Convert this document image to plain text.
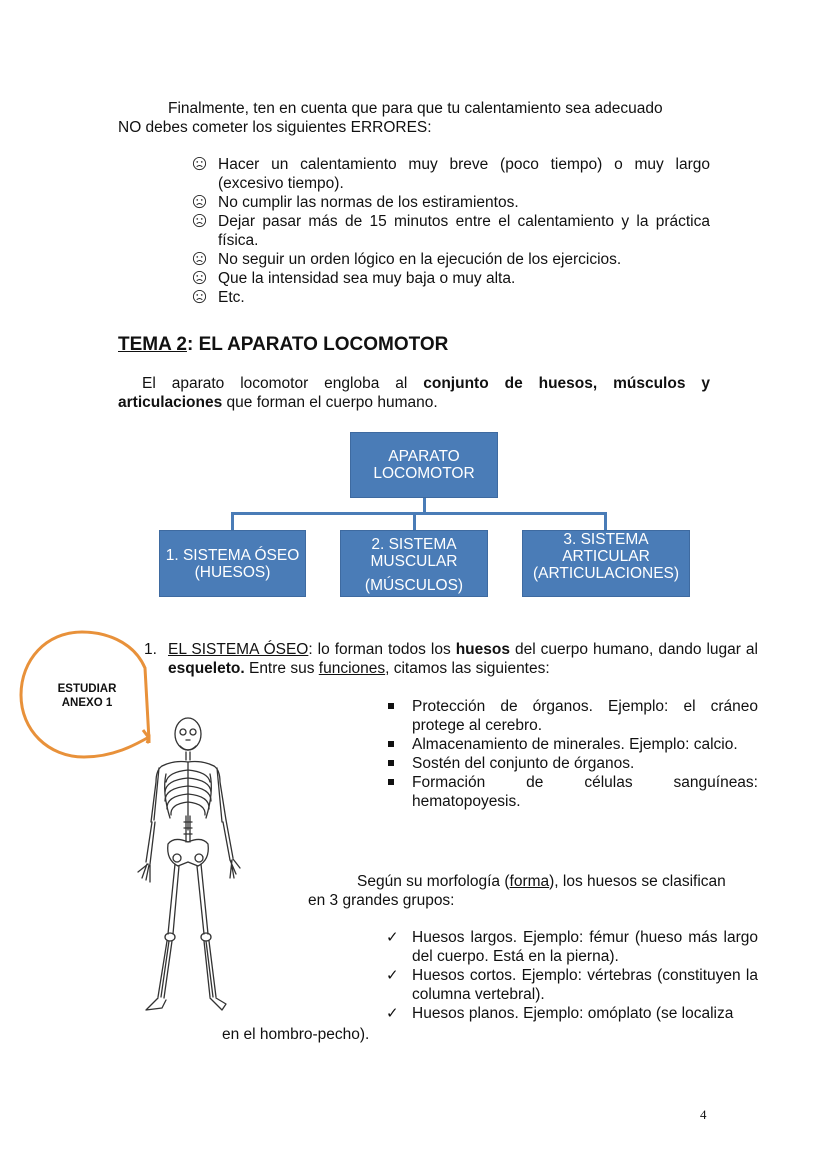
Finalmente, ten en cuenta que para que tu calentamiento sea adecuado

NO debes cometer los siguientes ERRORES:

Hacer un calentamiento muy breve (poco tiempo) o muy largo (excesivo tiempo).
No cumplir las normas de los estiramientos.
Dejar pasar más de 15 minutos entre el calentamiento y la práctica física.
No seguir un orden lógico en la ejecución de los ejercicios.
Que la intensidad sea muy baja o muy alta.
Etc.
TEMA 2: EL APARATO LOCOMOTOR

El aparato locomotor engloba al conjunto de huesos, músculos y articulaciones que forman el cuerpo humano.

APARATO LOCOMOTOR
1. SISTEMA ÓSEO (HUESOS)
2. SISTEMA MUSCULAR
(MÚSCULOS)
3. SISTEMA ARTICULAR (ARTICULACIONES)
ESTUDIAR
ANEXO 1
1. EL SISTEMA ÓSEO: lo forman todos los huesos del cuerpo humano, dando lugar al esqueleto. Entre sus funciones, citamos las siguientes:

Protección de órganos. Ejemplo: el cráneo protege al cerebro.
Almacenamiento de minerales. Ejemplo: calcio.
Sostén del conjunto de órganos.
Formación de células sanguíneas: hematopoyesis.

Según su morfología (forma), los huesos se clasifican

en 3 grandes grupos:

✓ Huesos largos. Ejemplo: fémur (hueso más largo del cuerpo. Está en la pierna).
✓ Huesos cortos. Ejemplo: vértebras (constituyen la columna vertebral).
✓ Huesos planos. Ejemplo: omóplato (se localiza

en el hombro-pecho).

4
